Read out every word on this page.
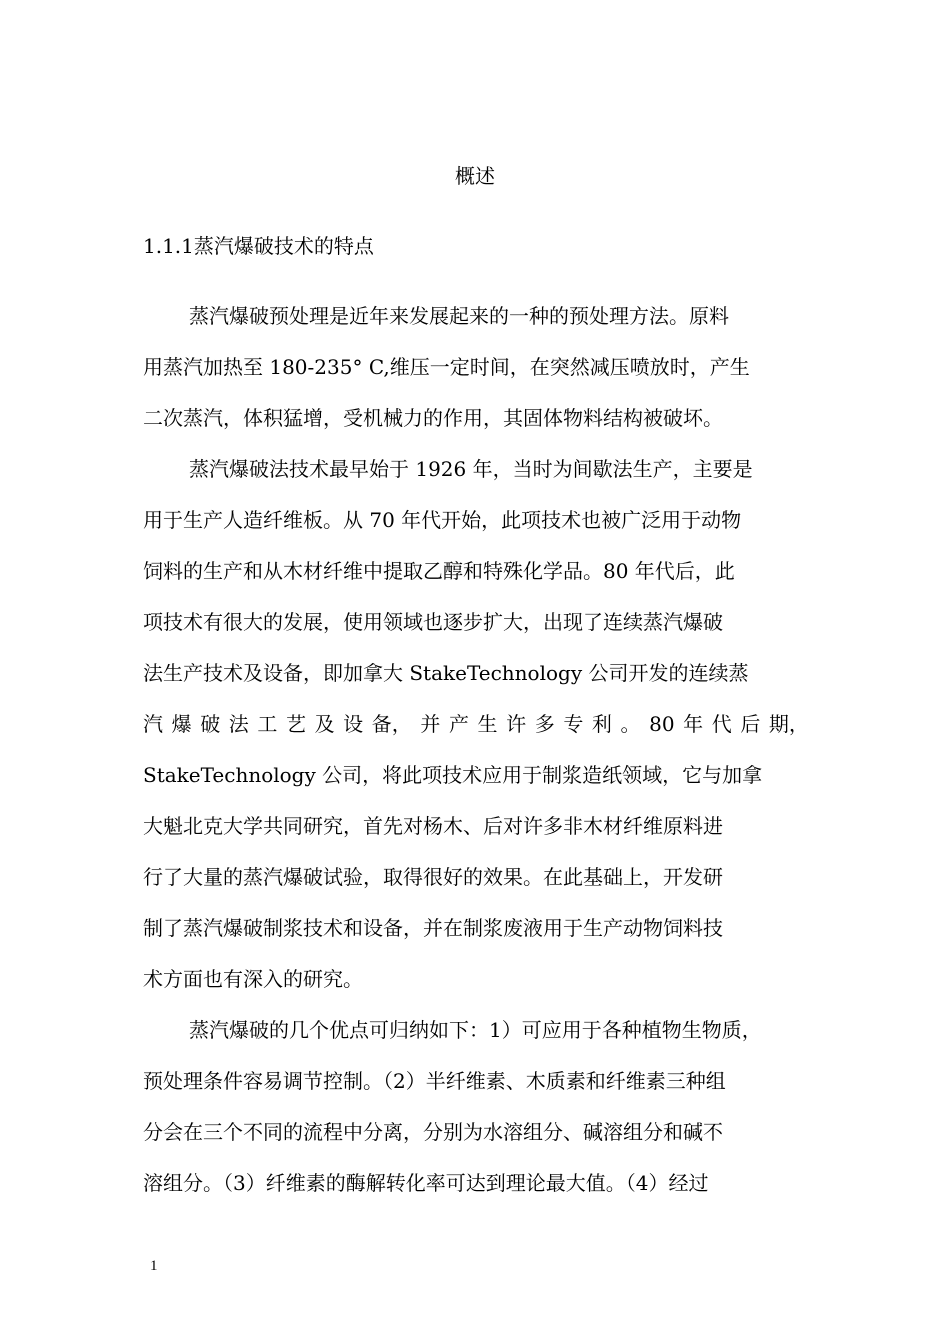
概述
1.1.1蒸汽爆破技术的特点
蒸汽爆破预处理是近年来发展起来的一种的预处理方法。原料
用蒸汽加热至 180-235° C,维压一定时间，在突然减压喷放时，产生
二次蒸汽，体积猛增，受机械力的作用，其固体物料结构被破坏。
蒸汽爆破法技术最早始于 1926 年，当时为间歇法生产，主要是
用于生产人造纤维板。从 70 年代开始，此项技术也被广泛用于动物
饲料的生产和从木材纤维中提取乙醇和特殊化学品。80 年代后，此
项技术有很大的发展，使用领域也逐步扩大，出现了连续蒸汽爆破
法生产技术及设备，即加拿大 StakeTechnology 公司开发的连续蒸
汽 爆 破 法 工 艺 及 设 备， 并 产 生 许 多 专 利 。 80 年 代 后 期，
StakeTechnology 公司，将此项技术应用于制浆造纸领域，它与加拿
大魁北克大学共同研究，首先对杨木、后对许多非木材纤维原料进
行了大量的蒸汽爆破试验，取得很好的效果。在此基础上，开发研
制了蒸汽爆破制浆技术和设备，并在制浆废液用于生产动物饲料技
术方面也有深入的研究。
蒸汽爆破的几个优点可归纳如下：1）可应用于各种植物生物质，
预处理条件容易调节控制。（2）半纤维素、木质素和纤维素三种组
分会在三个不同的流程中分离，分别为水溶组分、碱溶组分和碱不
溶组分。（3）纤维素的酶解转化率可达到理论最大值。（4）经过
1
